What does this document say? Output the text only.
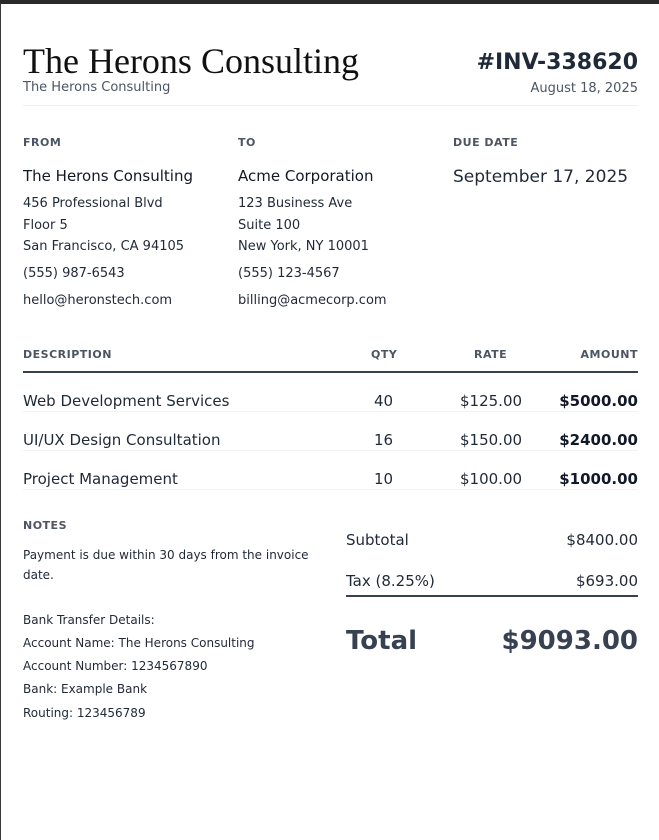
The Herons Consulting
The Herons Consulting
#INV-338620
August 18, 2025
FROM
The Herons Consulting
456 Professional Blvd
Floor 5
San Francisco, CA 94105
(555) 987-6543
hello@heronstech.com
TO
Acme Corporation
123 Business Ave
Suite 100
New York, NY 10001
(555) 123-4567
billing@acmecorp.com
DUE DATE
September 17, 2025
DESCRIPTION	QTY	RATE	AMOUNT
Web Development Services	40	$125.00 $5000.00
UI/UX Design Consultation	16	$150.00 $2400.00
Project Management	10	$100.00 $1000.00
NOTES
Payment is due within 30 days from the invoice date.
Bank Transfer Details:
Account Name: The Herons Consulting
Account Number: 1234567890
Bank: Example Bank
Routing: 123456789
Subtotal	$8400.00
Tax (8.25%)	$693.00
Total	$9093.00
